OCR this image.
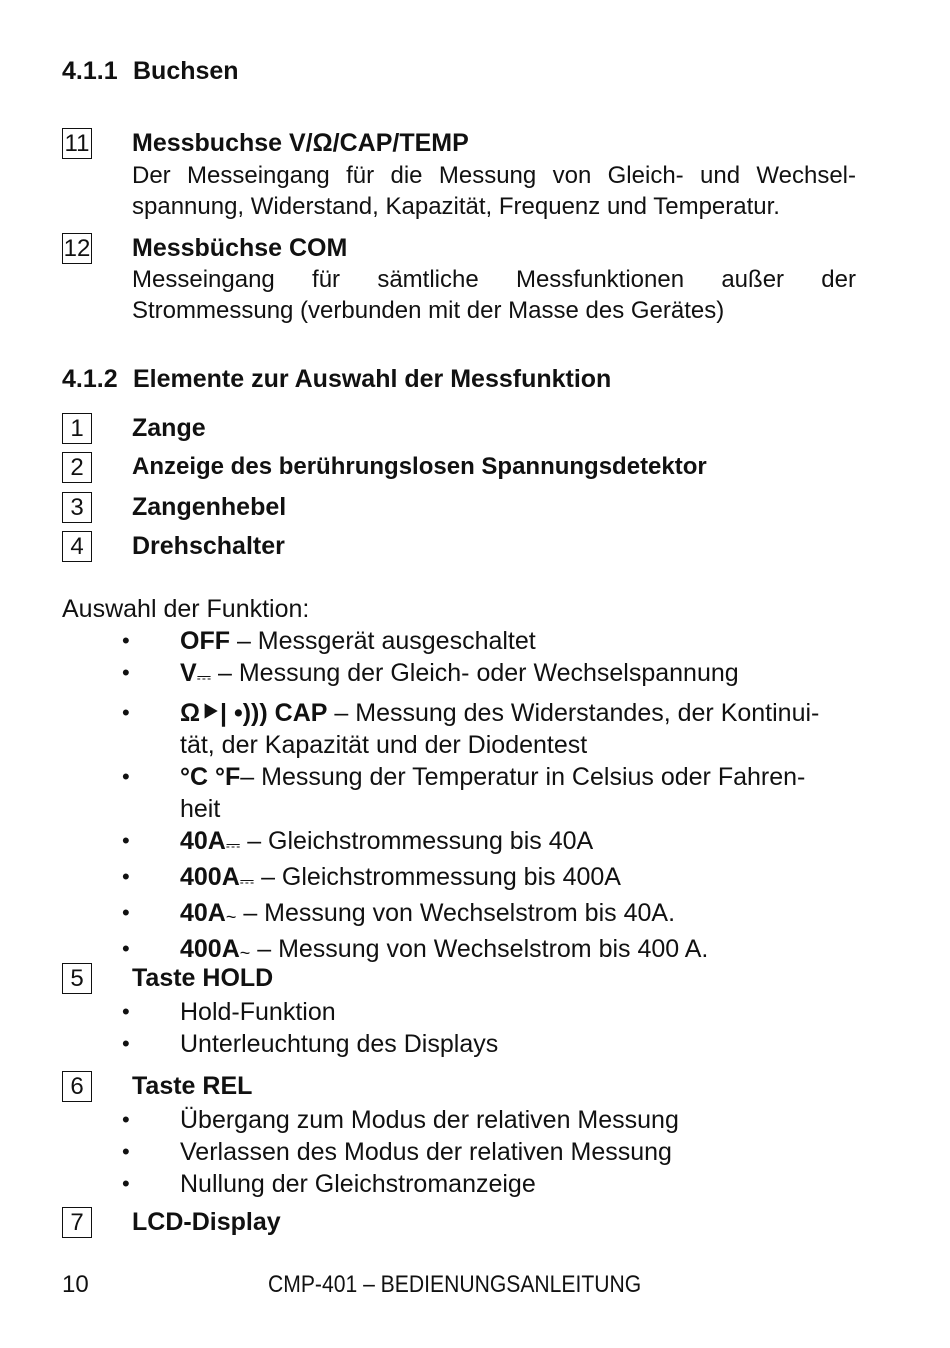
4.1.1 Buchsen
11 Messbuchse V/Ω/CAP/TEMP
Der Messeingang für die Messung von Gleich- und Wechsel-
spannung, Widerstand, Kapazität, Frequenz und Temperatur.
12 Messbüchse COM
Messeingang für sämtliche Messfunktionen außer der
Strommessung (verbunden mit der Masse des Gerätes)
4.1.2 Elemente zur Auswahl der Messfunktion
1	Zange
2	Anzeige des berührungslosen Spannungsdetektor
3	Zangenhebel
4	Drehschalter
Auswahl der Funktion:
• OFF – Messgerät ausgeschaltet
• V⎓ – Messung der Gleich- oder Wechselspannung
• Ω⯈| •))) CAP – Messung des Widerstandes, der Kontinui-
tät, der Kapazität und der Diodentest
• °C °F– Messung der Temperatur in Celsius oder Fahren-
heit
• 40A⎓ – Gleichstrommessung bis 40A
• 400A⎓ – Gleichstrommessung bis 400A
• 40A~ – Messung von Wechselstrom bis 40A.
• 400A~ – Messung von Wechselstrom bis 400 A.
5	Taste HOLD
• Hold-Funktion
• Unterleuchtung des Displays
6	Taste REL
• Übergang zum Modus der relativen Messung
• Verlassen des Modus der relativen Messung
• Nullung der Gleichstromanzeige
7	LCD-Display
10	CMP-401 – BEDIENUNGSANLEITUNG
